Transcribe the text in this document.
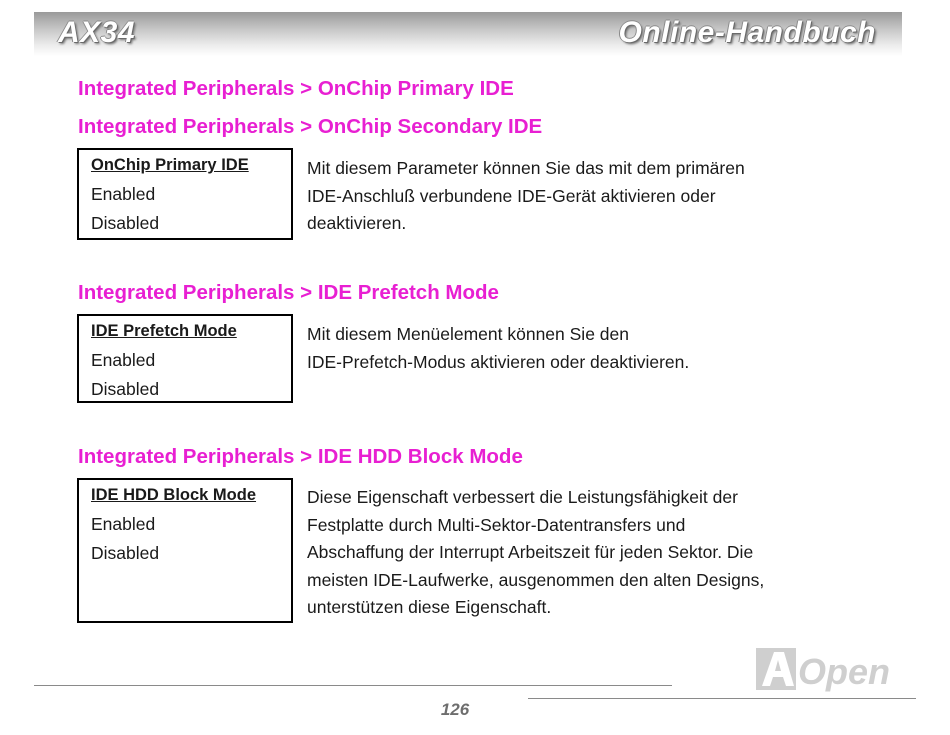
AX34	Online-Handbuch
Integrated Peripherals > OnChip Primary IDE
Integrated Peripherals > OnChip Secondary IDE
OnChip Primary IDE
Enabled
Disabled
Mit diesem Parameter können Sie das mit dem primären
IDE-Anschluß verbundene IDE-Gerät aktivieren oder
deaktivieren.
Integrated Peripherals > IDE Prefetch Mode
IDE Prefetch Mode
Enabled
Disabled
Mit diesem Menüelement können Sie den
IDE-Prefetch-Modus aktivieren oder deaktivieren.
Integrated Peripherals > IDE HDD Block Mode
IDE HDD Block Mode
Enabled
Disabled
Diese Eigenschaft verbessert die Leistungsfähigkeit der
Festplatte durch Multi-Sektor-Datentransfers und
Abschaffung der Interrupt Arbeitszeit für jeden Sektor. Die
meisten IDE-Laufwerke, ausgenommen den alten Designs,
unterstützen diese Eigenschaft.
Open
126
